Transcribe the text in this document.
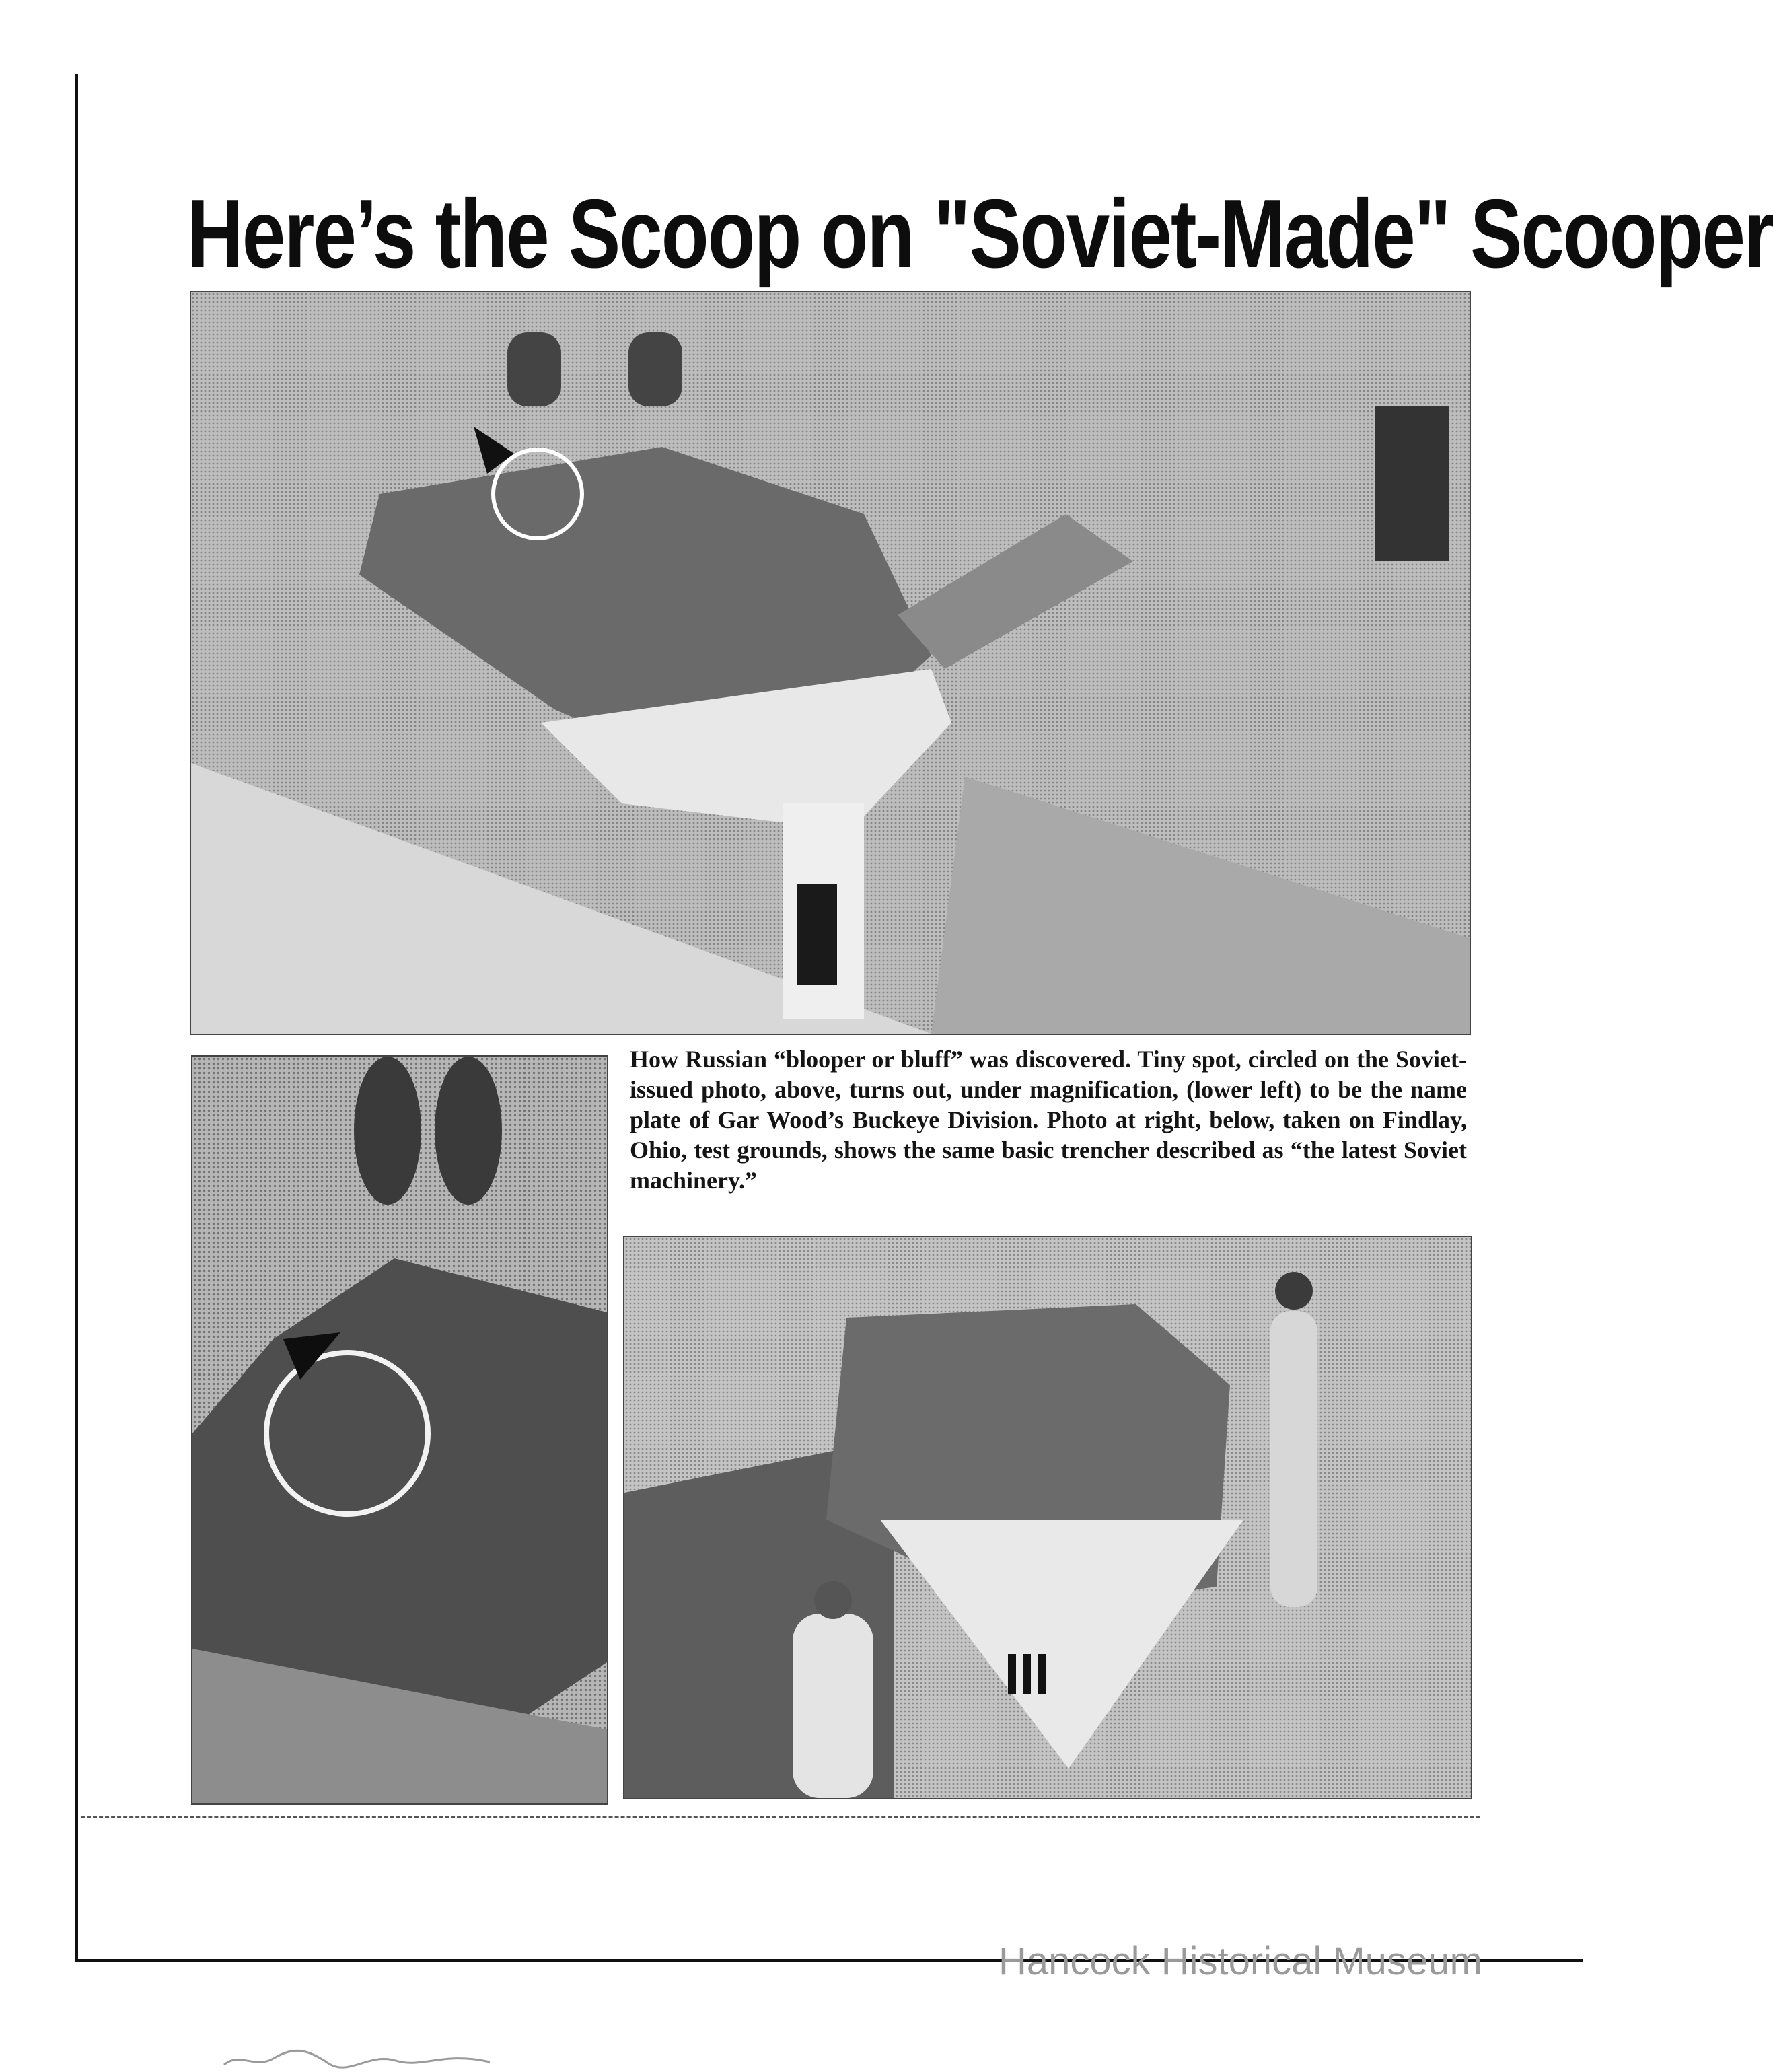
Here’s the Scoop on "Soviet-Made" Scooper
How Russian “blooper or bluff” was discovered. Tiny spot, circled on the Soviet-issued photo, above, turns out, under magnification, (lower left) to be the name plate of Gar Wood’s Buckeye Division. Photo at right, below, taken on Findlay, Ohio, test grounds, shows the same basic trencher described as “the latest Soviet machinery.”
Hancock Historical Museum
